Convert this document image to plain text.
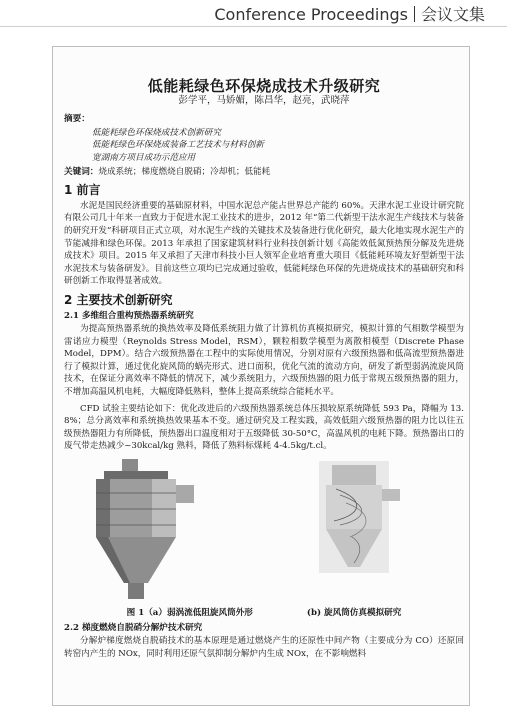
Conference Proceedings 会议文集
低能耗绿色环保烧成技术升级研究
彭学平，马娇媚，陈昌华，赵亮，武晓萍
摘要：
低能耗绿色环保烧成技术创新研究
低能耗绿色环保烧成装备工艺技术与材料创新
宽湖南方项目成功示范应用
关键词：烧成系统；梯度燃烧自脱硝；冷却机；低能耗
1 前言

水泥是国民经济重要的基础原材料，中国水泥总产能占世界总产能约 60%。天津水泥工业设计研究院有限公司几十年来一直致力于促进水泥工业技术的进步，2012 年“第二代新型干法水泥生产线技术与装备的研究开发”科研项目正式立项，对水泥生产线的关键技术及装备进行优化研究，最大化地实现水泥生产的节能减排和绿色环保。2013 年承担了国家建筑材料行业科技创新计划《高能效低氮预热预分解及先进烧成技术》项目。2015 年又承担了天津市科技小巨人领军企业培育重大项目《低能耗环境友好型新型干法水泥技术与装备研发》。目前这些立项均已完成通过验收，低能耗绿色环保的先进烧成技术的基础研究和科研创新工作取得显著成效。

2 主要技术创新研究
2.1 多维组合重构预热器系统研究

为提高预热器系统的换热效率及降低系统阻力做了计算机仿真模拟研究，模拟计算的气相数学模型为雷诺应力模型（Reynolds Stress Model，RSM），颗粒相数学模型为离散相模型（Discrete Phase Model，DPM）。结合六级预热器在工程中的实际使用情况，分别对原有六级预热器和低高流型预热器进行了模拟计算，通过优化旋风筒的蜗壳形式、进口面积，优化气流的流动方向，研发了新型弱涡流旋风筒技术，在保证分离效率不降低的情况下，减少系统阻力，六级预热器的阻力低于常规五级预热器的阻力，不增加高温风机电耗，大幅度降低熟料，整体上提高系统综合能耗水平。

CFD 试验主要结论如下：优化改进后的六级预热器系统总体压损较原系统降低 593 Pa，降幅为 13. 8%；总分离效率和系统换热效果基本不变。通过研究及工程实践，高效低阻六级预热器的阻力比以往五级预热器阻力有所降低，预热器出口温度相对于五级降低 30-50°C，高温风机的电耗下降。预热器出口的废气带走热减少~30kcal/kg 熟料，降低了熟料标煤耗 4-4.5kg/t.cl。

图 1（a）弱涡流低阻旋风筒外形	(b) 旋风筒仿真模拟研究
2.2 梯度燃烧自脱硝分解炉技术研究

分解炉梯度燃烧自脱硝技术的基本原理是通过燃烧产生的还原性中间产物（主要成分为 CO）还原回转窑内产生的 NOx，同时利用还原气氛抑制分解炉内生成 NOx，在不影响燃料
